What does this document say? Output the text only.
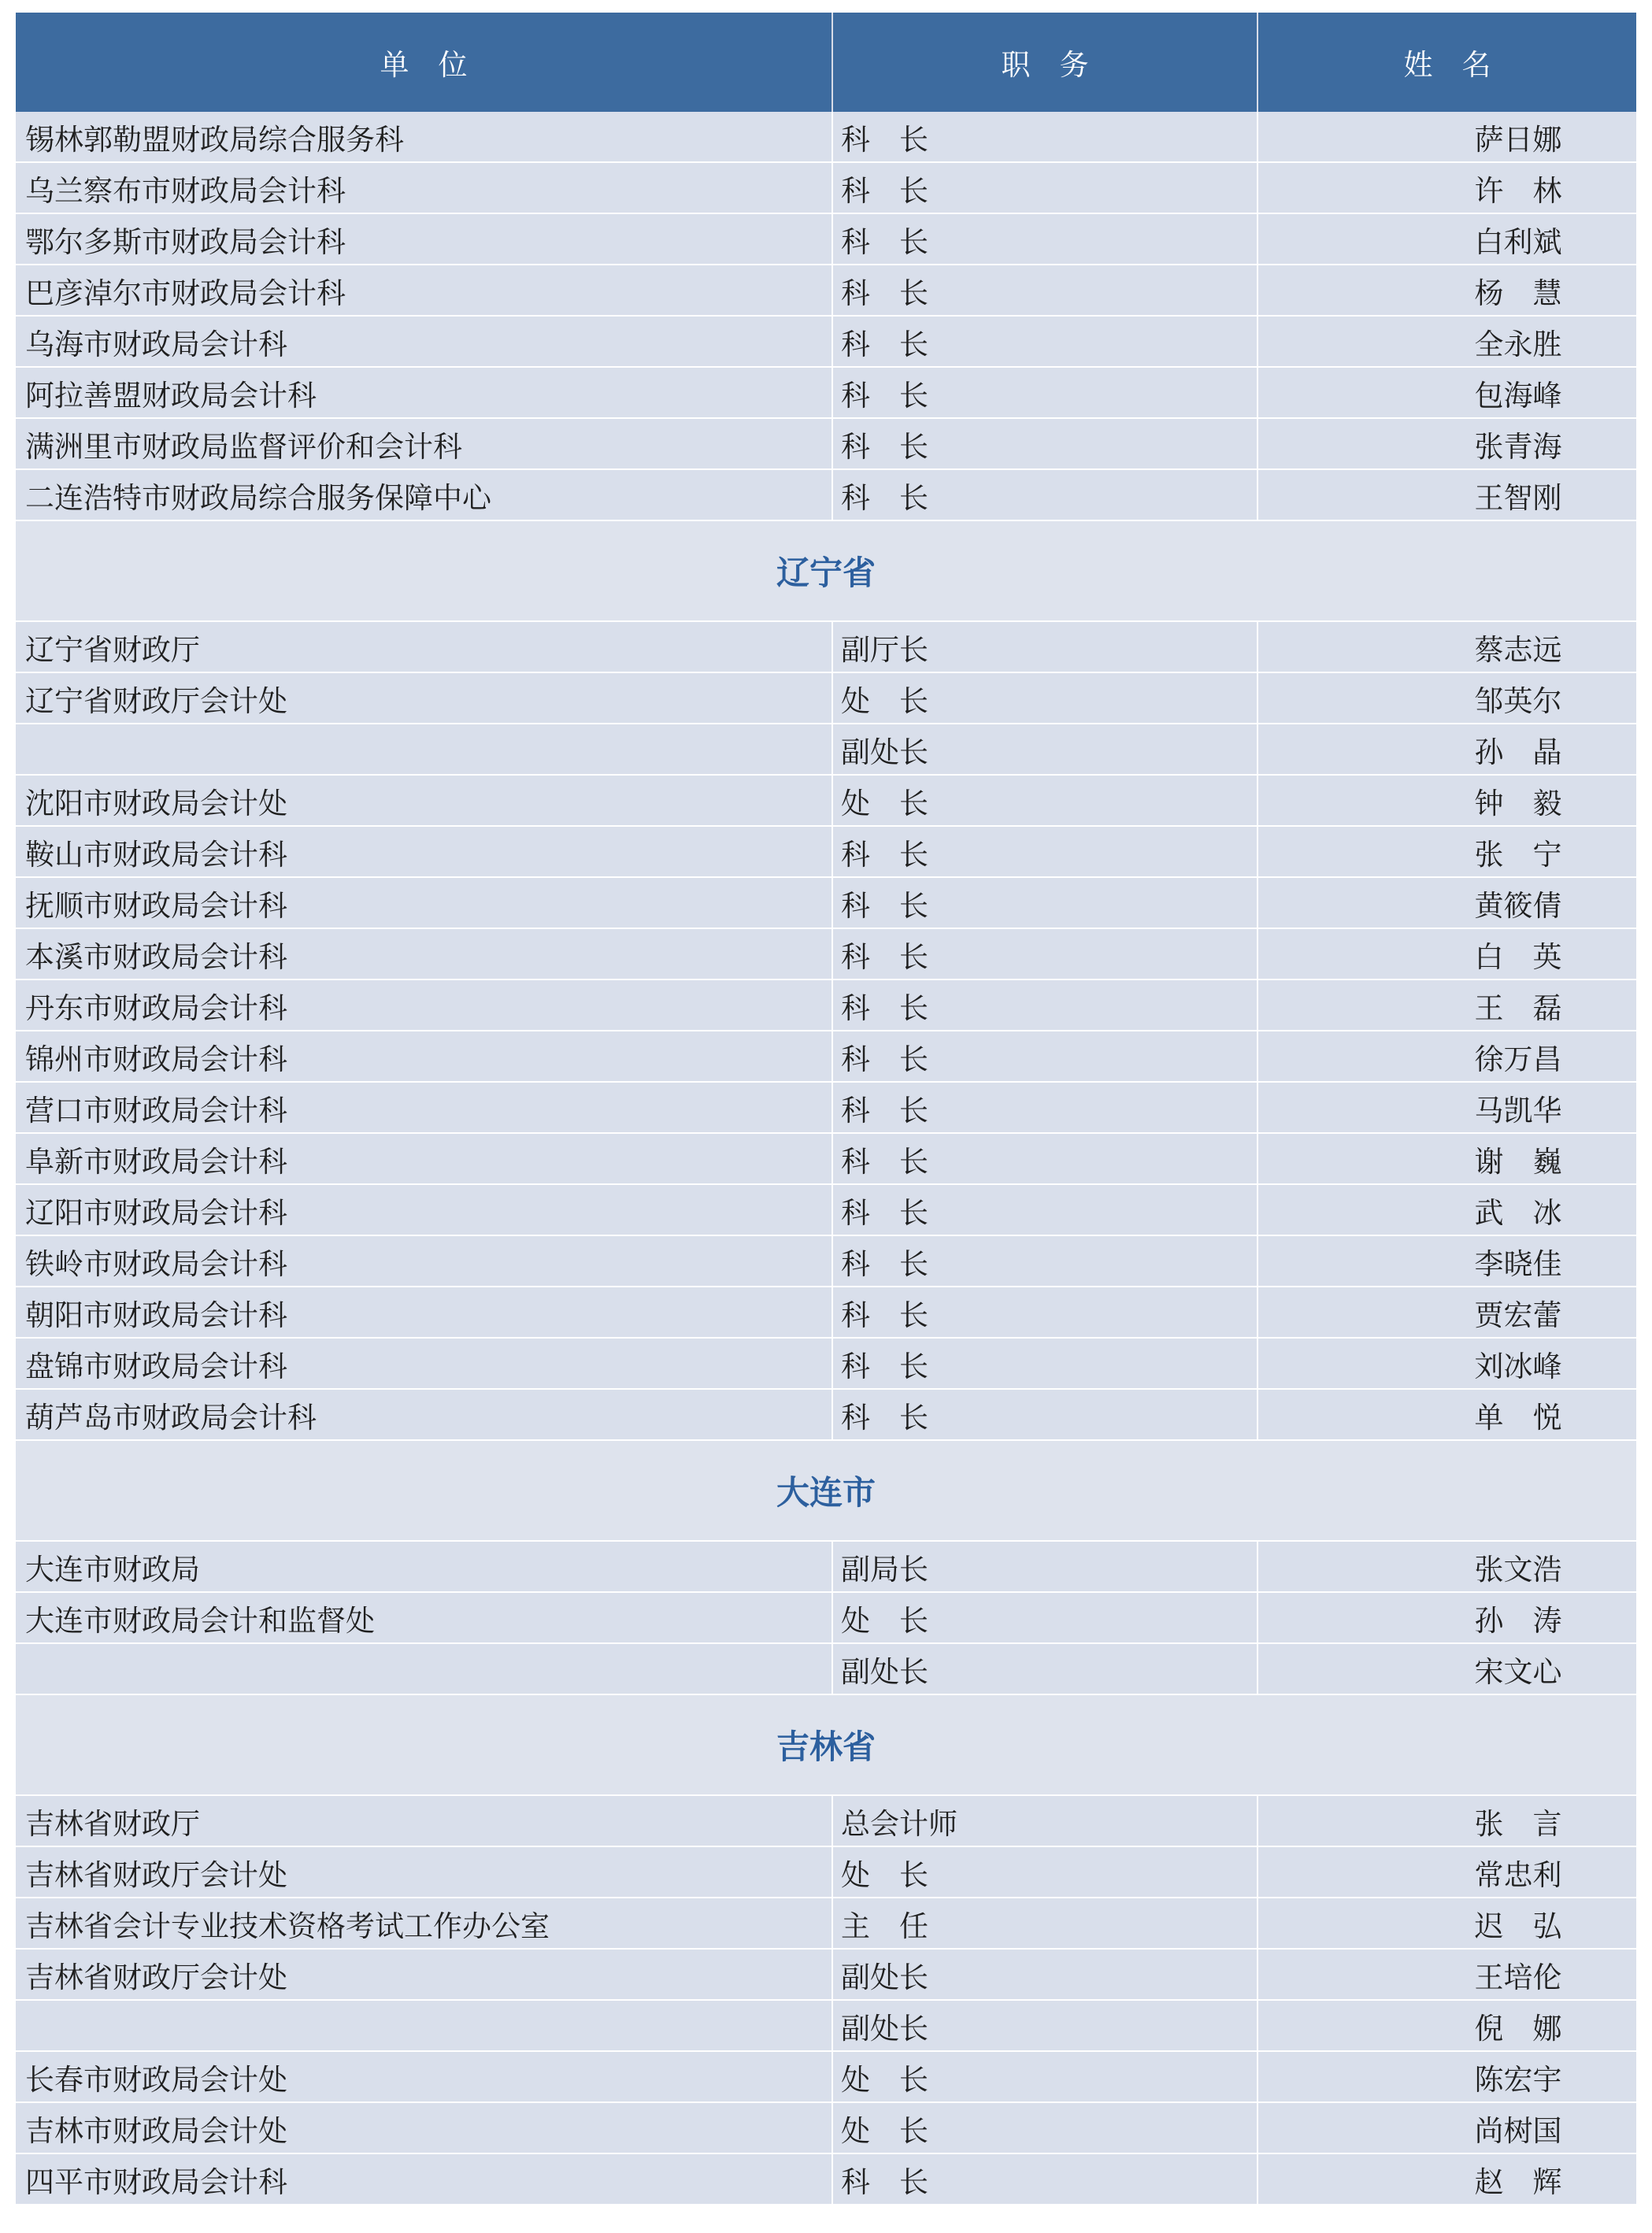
单　位	职　务	姓　名
锡林郭勒盟财政局综合服务科	科　长	萨日娜
乌兰察布市财政局会计科	科　长	许　林
鄂尔多斯市财政局会计科	科　长	白利斌
巴彦淖尔市财政局会计科	科　长	杨　慧
乌海市财政局会计科	科　长	全永胜
阿拉善盟财政局会计科	科　长	包海峰
满洲里市财政局监督评价和会计科	科　长	张青海
二连浩特市财政局综合服务保障中心	科　长	王智刚
辽宁省		
辽宁省财政厅	副厅长	蔡志远
辽宁省财政厅会计处	处　长	邹英尔
	副处长	孙　晶
沈阳市财政局会计处	处　长	钟　毅
鞍山市财政局会计科	科　长	张　宁
抚顺市财政局会计科	科　长	黄筱倩
本溪市财政局会计科	科　长	白　英
丹东市财政局会计科	科　长	王　磊
锦州市财政局会计科	科　长	徐万昌
营口市财政局会计科	科　长	马凯华
阜新市财政局会计科	科　长	谢　巍
辽阳市财政局会计科	科　长	武　冰
铁岭市财政局会计科	科　长	李晓佳
朝阳市财政局会计科	科　长	贾宏蕾
盘锦市财政局会计科	科　长	刘冰峰
葫芦岛市财政局会计科	科　长	单　悦
大连市		
大连市财政局	副局长	张文浩
大连市财政局会计和监督处	处　长	孙　涛
	副处长	宋文心
吉林省		
吉林省财政厅	总会计师	张　言
吉林省财政厅会计处	处　长	常忠利
吉林省会计专业技术资格考试工作办公室	主　任	迟　弘
吉林省财政厅会计处	副处长	王培伦
	副处长	倪　娜
长春市财政局会计处	处　长	陈宏宇
吉林市财政局会计处	处　长	尚树国
四平市财政局会计科	科　长	赵　辉
